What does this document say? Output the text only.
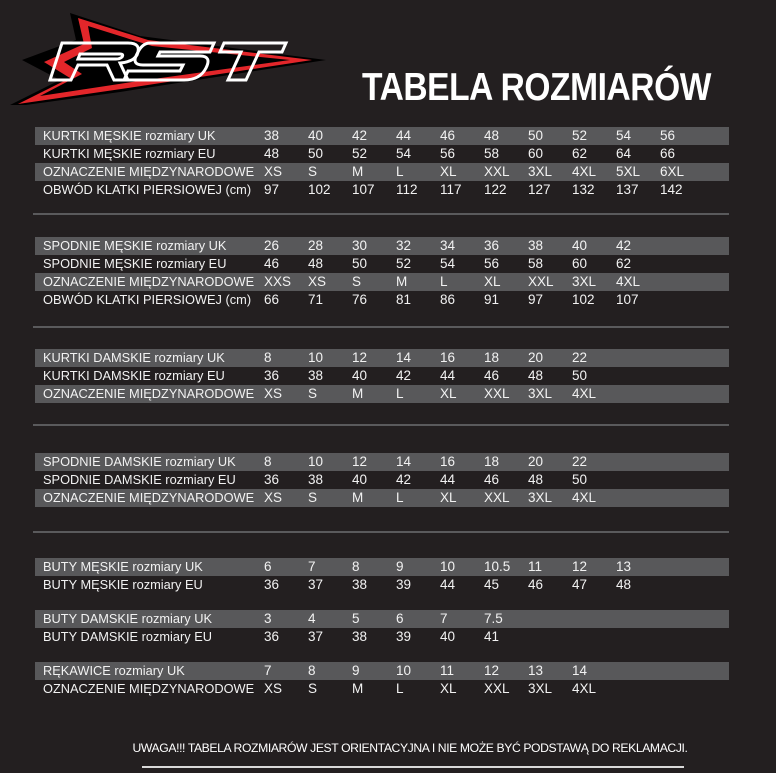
TABELA ROZMIARÓW
KURTKI MĘSKIE rozmiary UK	38 40 42 44 46 48 50 52 54 56
KURTKI MĘSKIE rozmiary EU	48 50 52 54 56 58 60 62 64 66
OZNACZENIE MIĘDZYNARODOWE XS S	M L	XL XXL 3XL 4XL 5XL 6XL
OBWÓD KLATKI PIERSIOWEJ (cm) 97 102 107 112 117 122 127 132 137 142
SPODNIE MĘSKIE rozmiary UK	26 28 30 32 34 36 38 40 42
SPODNIE MĘSKIE rozmiary EU	46 48 50 52 54 56 58 60 62
OZNACZENIE MIĘDZYNARODOWE XXS XS S	M L	XL XXL 3XL 4XL
OBWÓD KLATKI PIERSIOWEJ (cm) 66 71 76 81 86 91 97 102 107
KURTKI DAMSKIE rozmiary UK	8	10 12 14 16 18 20 22
KURTKI DAMSKIE rozmiary EU	36 38 40 42 44 46 48 50
OZNACZENIE MIĘDZYNARODOWE XS S	M L	XL XXL 3XL 4XL
SPODNIE DAMSKIE rozmiary UK 8	10 12 14 16 18 20 22
SPODNIE DAMSKIE rozmiary EU 36 38 40 42 44 46 48 50
OZNACZENIE MIĘDZYNARODOWE XS S	M L	XL XXL 3XL 4XL
BUTY MĘSKIE rozmiary UK	6	7	8	9	10 10.5 11 12 13
BUTY MĘSKIE rozmiary EU	36 37 38 39 44 45 46 47 48
BUTY DAMSKIE rozmiary UK	3	4	5	6	7	7.5
BUTY DAMSKIE rozmiary EU	36 37 38 39 40 41
RĘKAWICE rozmiary UK	7	8	9	10 11 12 13 14
OZNACZENIE MIĘDZYNARODOWE XS S	M L	XL XXL 3XL 4XL
UWAGA!!! TABELA ROZMIARÓW JEST ORIENTACYJNA I NIE MOŻE BYĆ PODSTAWĄ DO REKLAMACJI.
